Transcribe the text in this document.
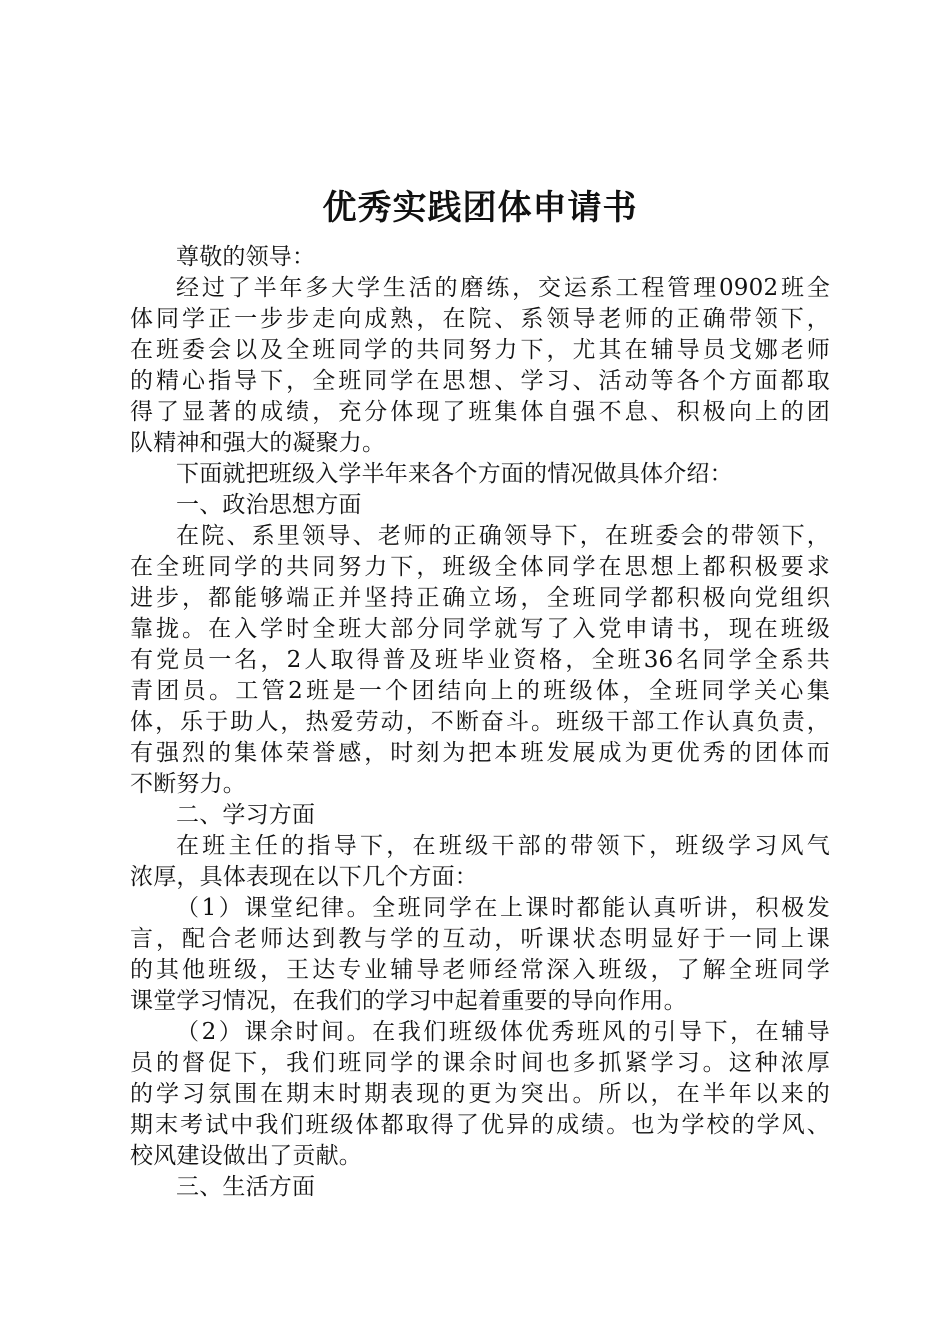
优秀实践团体申请书

尊敬的领导：

经过了半年多大学生活的磨练，交运系工程管理0902班全
体同学正一步步走向成熟，在院、系领导老师的正确带领下，
在班委会以及全班同学的共同努力下，尤其在辅导员戈娜老师
的精心指导下，全班同学在思想、学习、活动等各个方面都取
得了显著的成绩，充分体现了班集体自强不息、积极向上的团
队精神和强大的凝聚力。

下面就把班级入学半年来各个方面的情况做具体介绍：

一、政治思想方面

在院、系里领导、老师的正确领导下，在班委会的带领下，
在全班同学的共同努力下，班级全体同学在思想上都积极要求
进步，都能够端正并坚持正确立场，全班同学都积极向党组织
靠拢。在入学时全班大部分同学就写了入党申请书，现在班级
有党员一名，2人取得普及班毕业资格，全班36名同学全系共
青团员。工管2班是一个团结向上的班级体，全班同学关心集
体，乐于助人，热爱劳动，不断奋斗。班级干部工作认真负责，
有强烈的集体荣誉感，时刻为把本班发展成为更优秀的团体而
不断努力。

二、学习方面

在班主任的指导下，在班级干部的带领下，班级学习风气
浓厚，具体表现在以下几个方面：

（1）课堂纪律。全班同学在上课时都能认真听讲，积极发
言，配合老师达到教与学的互动，听课状态明显好于一同上课
的其他班级，王达专业辅导老师经常深入班级，了解全班同学
课堂学习情况，在我们的学习中起着重要的导向作用。

（2）课余时间。在我们班级体优秀班风的引导下，在辅导
员的督促下，我们班同学的课余时间也多抓紧学习。这种浓厚
的学习氛围在期末时期表现的更为突出。所以，在半年以来的
期末考试中我们班级体都取得了优异的成绩。也为学校的学风、
校风建设做出了贡献。

三、生活方面
